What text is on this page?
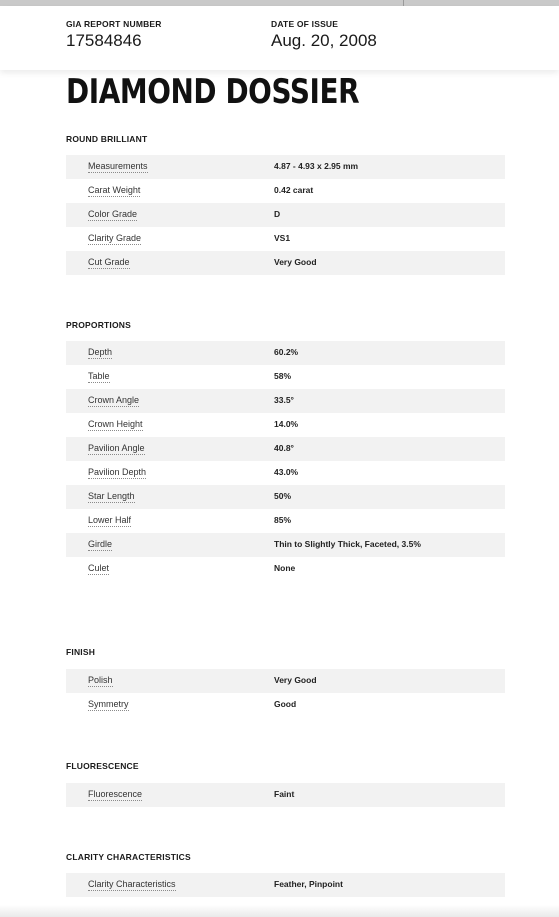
GIA REPORT NUMBER
17584846
DATE OF ISSUE
Aug. 20, 2008
DIAMOND DOSSIER
ROUND BRILLIANT
Measurements	4.87 - 4.93 x 2.95 mm
Carat Weight	0.42 carat
Color Grade	D
Clarity Grade	VS1
Cut Grade	Very Good
PROPORTIONS
Depth	60.2%
Table	58%
Crown Angle	33.5°
Crown Height	14.0%
Pavilion Angle	40.8°
Pavilion Depth	43.0%
Star Length	50%
Lower Half	85%
Girdle	Thin to Slightly Thick, Faceted, 3.5%
Culet	None
FINISH
Polish	Very Good
Symmetry	Good
FLUORESCENCE
Fluorescence	Faint
CLARITY CHARACTERISTICS
Clarity Characteristics	Feather, Pinpoint
